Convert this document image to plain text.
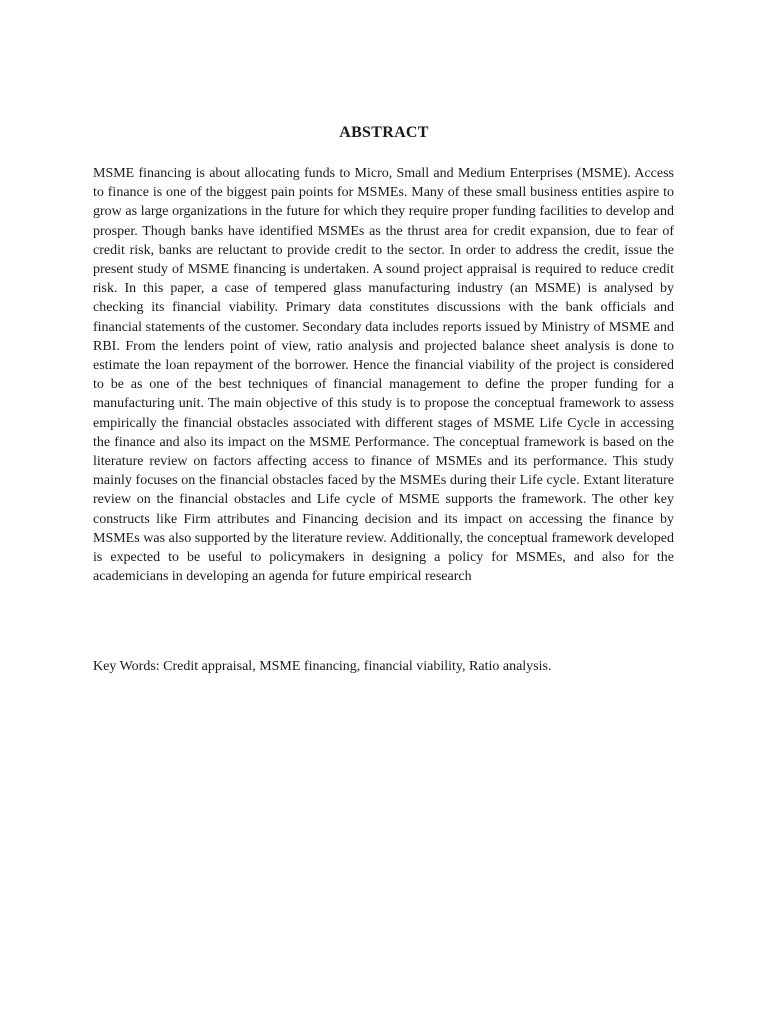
ABSTRACT

MSME financing is about allocating funds to Micro, Small and Medium Enterprises (MSME). Access to finance is one of the biggest pain points for MSMEs. Many of these small business entities aspire to grow as large organizations in the future for which they require proper funding facilities to develop and prosper. Though banks have identified MSMEs as the thrust area for credit expansion, due to fear of credit risk, banks are reluctant to provide credit to the sector. In order to address the credit, issue the present study of MSME financing is undertaken. A sound project appraisal is required to reduce credit risk. In this paper, a case of tempered glass manufacturing industry (an MSME) is analysed by checking its financial viability. Primary data constitutes discussions with the bank officials and financial statements of the customer. Secondary data includes reports issued by Ministry of MSME and RBI. From the lenders point of view, ratio analysis and projected balance sheet analysis is done to estimate the loan repayment of the borrower. Hence the financial viability of the project is considered to be as one of the best techniques of financial management to define the proper funding for a manufacturing unit. The main objective of this study is to propose the conceptual framework to assess empirically the financial obstacles associated with different stages of MSME Life Cycle in accessing the finance and also its impact on the MSME Performance. The conceptual framework is based on the literature review on factors affecting access to finance of MSMEs and its performance. This study mainly focuses on the financial obstacles faced by the MSMEs during their Life cycle. Extant literature review on the financial obstacles and Life cycle of MSME supports the framework. The other key constructs like Firm attributes and Financing decision and its impact on accessing the finance by MSMEs was also supported by the literature review. Additionally, the conceptual framework developed is expected to be useful to policymakers in designing a policy for MSMEs, and also for the academicians in developing an agenda for future empirical research

Key Words: Credit appraisal, MSME financing, financial viability, Ratio analysis.
